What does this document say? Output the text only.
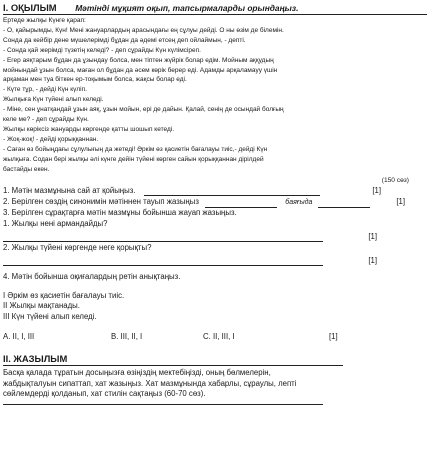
I. ОҚЫЛЫМ Мәтінді мұқият оқып, тапсырмаларды орындаңыз.
Ертеде жылқы Күнге қарап:
- О, қайырымды, Күн! Мені жануарлардың арасындағы ең сұлуы дейді. О ны өзім де білемін.
Сонда да кейбір дене мүшелерімді бұдан да әдемі етсең деп ойлаймын, - депті.
- Сонда қай жерімді түзетің келеді? - деп сұрайды Күн күлімсіреп.
- Егер аяқтарым бұдан да ұзындау болса, мен тіптен жүйрік болар едім. Мойным аққудың
мойнындай ұзын болса, маған ол бұдан да әсем көрік берер еді. Адамды арқаламауу үшін
арқаман мен туа біткен ер-тоқымым болса, жақсы болар еді.
- Күте тұр, - дейді Күн күліп.
Жылқыға Күн түйені алып келеді.
- Міне, сен ұнатқандай ұзын аяқ, ұзын мойын, ері де дайын. Қалай, сенің де осындай болғың
келе ме? - деп сұрайды Күн.
Жылқы көріксіз жануарды көргенде қатты шошып кетеді.
- Жоқ-жоқ! - дейді қорыққаннан.
- Саған өз бойыңдағы сұлулығың да жетеді! Әркім өз қасиетін бағалауы тиіс,- дейді Күн
жылқыға. Содан бері жылқы әлі күнге дейін түйені көрген сайын қорыққаннан дірілдей
бастайды екен.
(150 сөз)
1. Мәтін мазмұнына сай ат қойыңыз.	[1]
2. Берілген сөздің синонимін мәтіннен тауып жазыңыз	баяғыда	[1]
3. Берілген сұрақтарға мәтін мазмұны бойынша жауап жазыңыз.
1. Жылқы нені армандайды?
[1]
2. Жылқы түйені көргенде неге қорықты?
[1]
4. Мәтін бойынша оқиғалардың ретін анықтаңыз.
I Әркім өз қасиетін бағалауы тиіс.
II Жылқы мақтанады.
III Күн түйені алып келеді.
A. II, I, III	B. III, II, I	C. II, III, I	[1]
II. ЖАЗЫЛЫМ
Басқа қалада тұратын досыңызға өзіңіздің мектебіңізді, оның бөлмелерін,
жабдықталуын сипаттап, хат жазыңыз. Хат мазмұнында хабарлы, сұраулы, лепті
сөйлемдерді қолданып, хат стилін сақтаңыз (60-70 сөз).
